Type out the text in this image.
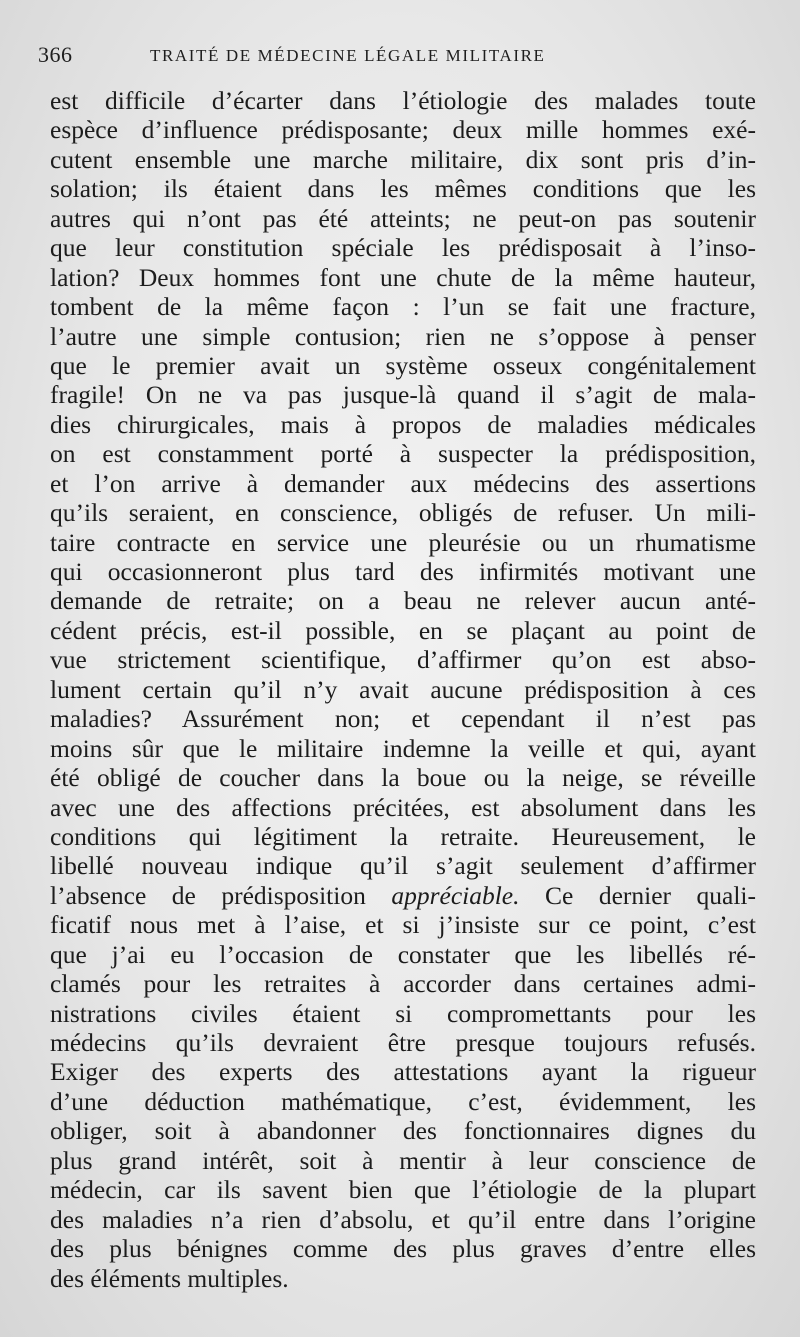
366	TRAITÉ DE MÉDECINE LÉGALE MILITAIRE
est difficile d’écarter dans l’étiologie des malades toute
espèce d’influence prédisposante; deux mille hommes exé-
cutent ensemble une marche militaire, dix sont pris d’in-
solation; ils étaient dans les mêmes conditions que les
autres qui n’ont pas été atteints; ne peut-on pas soutenir
que leur constitution spéciale les prédisposait à l’inso-
lation? Deux hommes font une chute de la même hauteur,
tombent de la même façon : l’un se fait une fracture,
l’autre une simple contusion; rien ne s’oppose à penser
que le premier avait un système osseux congénitalement
fragile! On ne va pas jusque-là quand il s’agit de mala-
dies chirurgicales, mais à propos de maladies médicales
on est constamment porté à suspecter la prédisposition,
et l’on arrive à demander aux médecins des assertions
qu’ils seraient, en conscience, obligés de refuser. Un mili-
taire contracte en service une pleurésie ou un rhumatisme
qui occasionneront plus tard des infirmités motivant une
demande de retraite; on a beau ne relever aucun anté-
cédent précis, est-il possible, en se plaçant au point de
vue strictement scientifique, d’affirmer qu’on est abso-
lument certain qu’il n’y avait aucune prédisposition à ces
maladies? Assurément non; et cependant il n’est pas
moins sûr que le militaire indemne la veille et qui, ayant
été obligé de coucher dans la boue ou la neige, se réveille
avec une des affections précitées, est absolument dans les
conditions qui légitiment la retraite. Heureusement, le
libellé nouveau indique qu’il s’agit seulement d’affirmer
l’absence de prédisposition appréciable. Ce dernier quali-
ficatif nous met à l’aise, et si j’insiste sur ce point, c’est
que j’ai eu l’occasion de constater que les libellés ré-
clamés pour les retraites à accorder dans certaines admi-
nistrations civiles étaient si compromettants pour les
médecins qu’ils devraient être presque toujours refusés.
Exiger des experts des attestations ayant la rigueur
d’une déduction mathématique, c’est, évidemment, les
obliger, soit à abandonner des fonctionnaires dignes du
plus grand intérêt, soit à mentir à leur conscience de
médecin, car ils savent bien que l’étiologie de la plupart
des maladies n’a rien d’absolu, et qu’il entre dans l’origine
des plus bénignes comme des plus graves d’entre elles
des éléments multiples.
